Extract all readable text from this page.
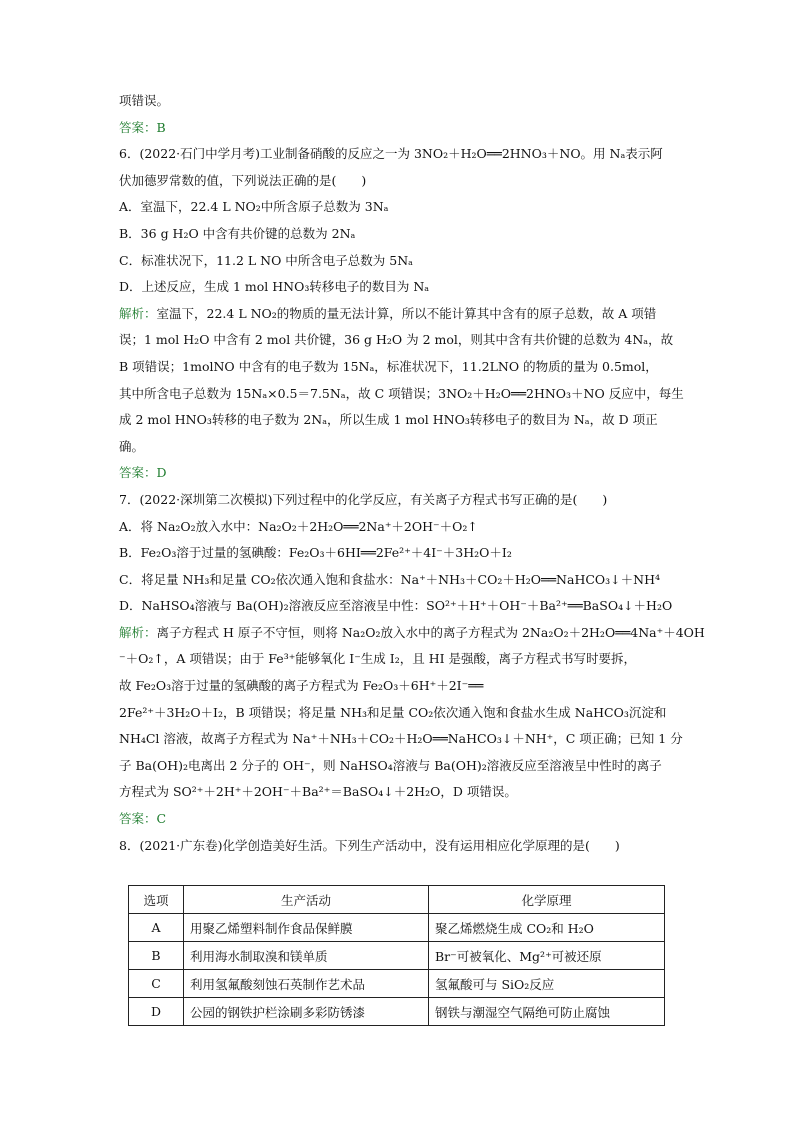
项错误。
答案：B
6．(2022·石门中学月考)工业制备硝酸的反应之一为 3NO₂＋H₂O══2HNO₃＋NO。用 Nₐ表示阿
伏加德罗常数的值，下列说法正确的是(　　)
A．室温下，22.4 L NO₂中所含原子总数为 3Nₐ
B．36 g H₂O 中含有共价键的总数为 2Nₐ
C．标准状况下，11.2 L NO 中所含电子总数为 5Nₐ
D．上述反应，生成 1 mol HNO₃转移电子的数目为 Nₐ
解析：室温下，22.4 L NO₂的物质的量无法计算，所以不能计算其中含有的原子总数，故 A 项错
误；1 mol H₂O 中含有 2 mol 共价键，36 g H₂O 为 2 mol，则其中含有共价键的总数为 4Nₐ，故
B 项错误；1molNO 中含有的电子数为 15Nₐ，标准状况下，11.2LNO 的物质的量为 0.5mol，
其中所含电子总数为 15Nₐ×0.5＝7.5Nₐ，故 C 项错误；3NO₂＋H₂O══2HNO₃＋NO 反应中，每生
成 2 mol HNO₃转移的电子数为 2Nₐ，所以生成 1 mol HNO₃转移电子的数目为 Nₐ，故 D 项正
确。
答案：D
7．(2022·深圳第二次模拟)下列过程中的化学反应，有关离子方程式书写正确的是(　　)
A．将 Na₂O₂放入水中：Na₂O₂＋2H₂O══2Na⁺＋2OH⁻＋O₂↑
B．Fe₂O₃溶于过量的氢碘酸：Fe₂O₃＋6HI══2Fe²⁺＋4I⁻＋3H₂O＋I₂
C．将足量 NH₃和足量 CO₂依次通入饱和食盐水：Na⁺＋NH₃＋CO₂＋H₂O══NaHCO₃↓＋NH⁴
D．NaHSO₄溶液与 Ba(OH)₂溶液反应至溶液呈中性：SO²⁺＋H⁺＋OH⁻＋Ba²⁺══BaSO₄↓＋H₂O
解析：离子方程式 H 原子不守恒，则将 Na₂O₂放入水中的离子方程式为 2Na₂O₂＋2H₂O══4Na⁺＋4OH
⁻＋O₂↑，A 项错误；由于 Fe³⁺能够氧化 I⁻生成 I₂，且 HI 是强酸，离子方程式书写时要拆，
故 Fe₂O₃溶于过量的氢碘酸的离子方程式为 Fe₂O₃＋6H⁺＋2I⁻══
2Fe²⁺＋3H₂O＋I₂，B 项错误；将足量 NH₃和足量 CO₂依次通入饱和食盐水生成 NaHCO₃沉淀和
NH₄Cl 溶液，故离子方程式为 Na⁺＋NH₃＋CO₂＋H₂O══NaHCO₃↓＋NH⁺，C 项正确；已知 1 分
子 Ba(OH)₂电离出 2 分子的 OH⁻，则 NaHSO₄溶液与 Ba(OH)₂溶液反应至溶液呈中性时的离子
方程式为 SO²⁺＋2H⁺＋2OH⁻＋Ba²⁺＝BaSO₄↓＋2H₂O，D 项错误。
答案：C
8．(2021·广东卷)化学创造美好生活。下列生产活动中，没有运用相应化学原理的是(　　)
选项	生产活动	化学原理
A	用聚乙烯塑料制作食品保鲜膜	聚乙烯燃烧生成 CO₂和 H₂O
B	利用海水制取溴和镁单质	Br⁻可被氧化、Mg²⁺可被还原
C	利用氢氟酸刻蚀石英制作艺术品	氢氟酸可与 SiO₂反应
D	公园的钢铁护栏涂刷多彩防锈漆	钢铁与潮湿空气隔绝可防止腐蚀
